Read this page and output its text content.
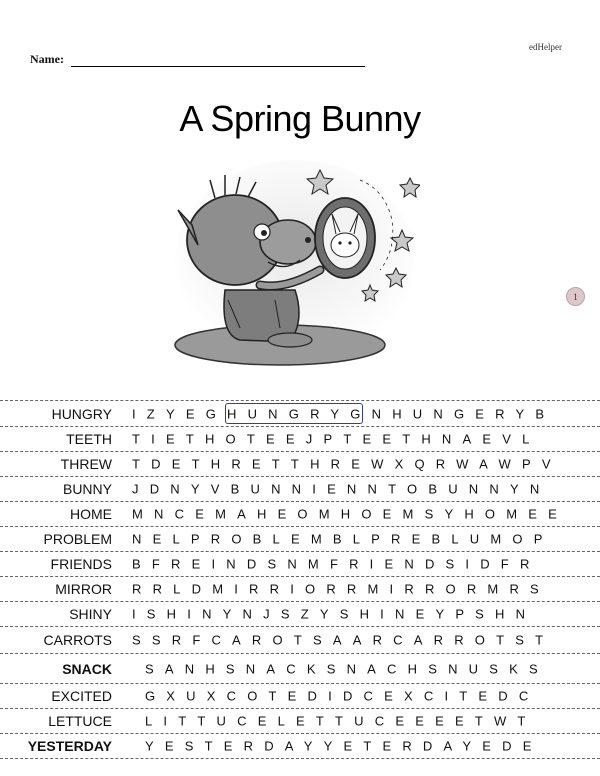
edHelper
Name:
A Spring Bunny
1
HUNGRY IZYEGHUNGRYGNHUNGERYB
TEETH TIETHOTEEJPTEETHNAEVL
THREW TDETHRETTHREWXQRWAWPV
BUNNY JDNYVBUNNIENNTOBUNNYN
HOME MNCEMAHEOMHOEMSYHOMEE
PROBLEM NELPROBLEMBLPREBLUMOP
FRIENDS BFREINDSNMFRIENDSIDFR
MIRROR RRLDMIRRIORRMIRRORMRS
SHINY ISHINYNJSZYSHINEYPSHN
CARROTS SSRFCAROTSAARCARROTST
SNACK	SANHSNACKSNACHSNUSKS
EXCITED	GXUXCOTEDIDCEXCITEDC
LETTUCE	LITTUCELETTUCEEEETWT
YESTERDAY	YESTERDAYYETERDAYEDE
